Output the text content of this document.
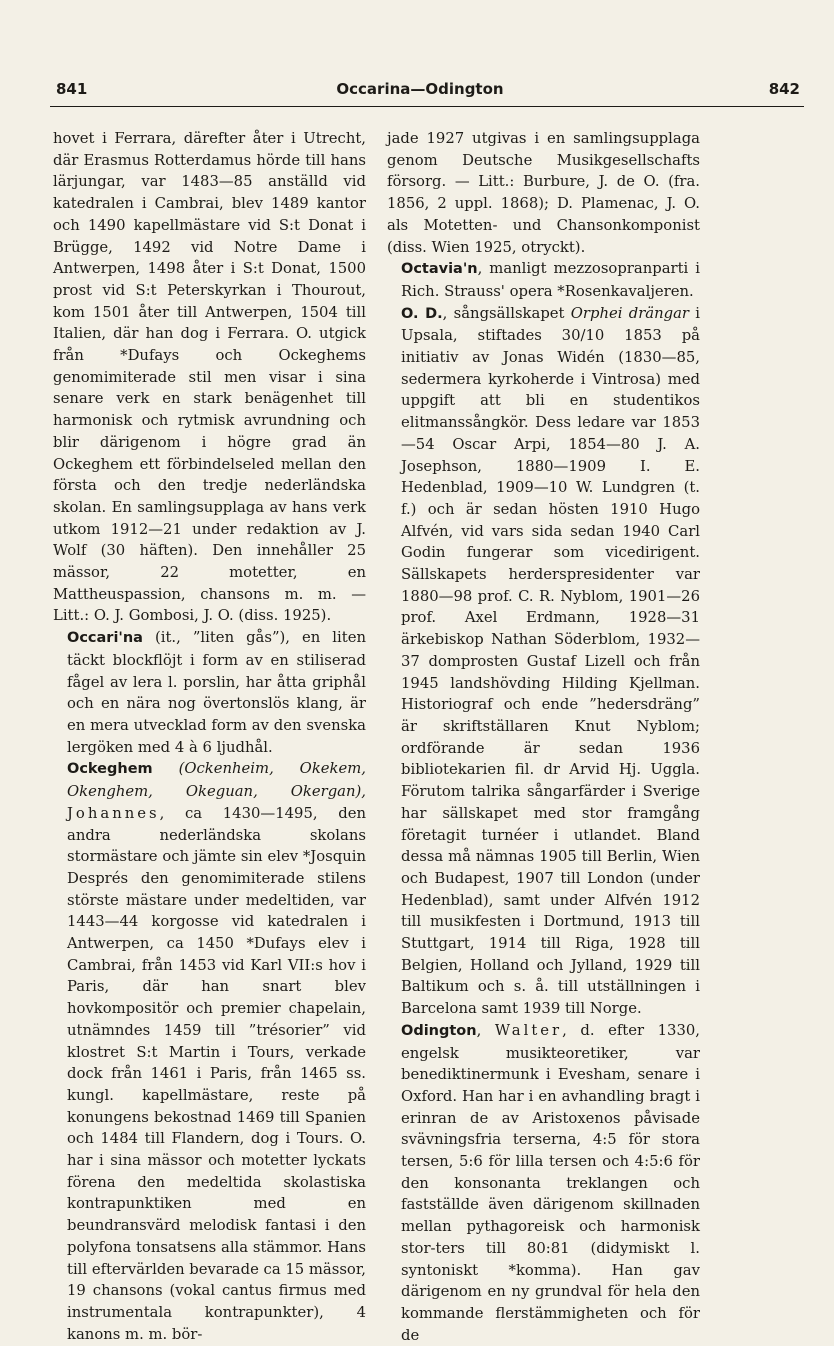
841	Occarina—Odington	842

hovet i Ferrara, därefter åter i Utrecht, där Erasmus Rotterdamus hörde till hans lärjungar, var 1483—85 anställd vid katedralen i Cambrai, blev 1489 kantor och 1490 kapellmästare vid S:t Donat i Brügge, 1492 vid Notre Dame i Antwerpen, 1498 åter i S:t Donat, 1500 prost vid S:t Peterskyrkan i Thourout, kom 1501 åter till Antwerpen, 1504 till Italien, där han dog i Ferrara. O. utgick från *Dufays och Ockeghems genomimiterade stil men visar i sina senare verk en stark benägenhet till harmonisk och rytmisk avrundning och blir därigenom i högre grad än Ockeghem ett förbindelseled mellan den första och den tredje nederländska skolan. En samlingsupplaga av hans verk utkom 1912—21 under redaktion av J. Wolf (30 häften). Den innehåller 25 mässor, 22 motetter, en Mattheuspassion, chansons m. m. — Litt.: O. J. Gombosi, J. O. (diss. 1925).

Occari'na (it., ”liten gås”), en liten täckt blockflöjt i form av en stiliserad fågel av lera l. porslin, har åtta griphål och en nära nog övertonslös klang, är en mera utvecklad form av den svenska lergöken med 4 à 6 ljudhål.

Ockeghem (Ockenheim, Okekem, Okenghem, Okeguan, Okergan), Johannes, ca 1430—1495, den andra nederländska skolans stormästare och jämte sin elev *Josquin Després den genomimiterade stilens störste mästare under medeltiden, var 1443—44 korgosse vid katedralen i Antwerpen, ca 1450 *Dufays elev i Cambrai, från 1453 vid Karl VII:s hov i Paris, där han snart blev hovkompositör och premier chapelain, utnämndes 1459 till ”trésorier” vid klostret S:t Martin i Tours, verkade dock från 1461 i Paris, från 1465 ss. kungl. kapellmästare, reste på konungens bekostnad 1469 till Spanien och 1484 till Flandern, dog i Tours. O. har i sina mässor och motetter lyckats förena den medeltida skolastiska kontrapunktiken med en beundransvärd melodisk fantasi i den polyfona tonsatsens alla stämmor. Hans till eftervärlden bevarade ca 15 mässor, 19 chansons (vokal cantus firmus med instrumentala kontrapunkter), 4 kanons m. m. bör-

jade 1927 utgivas i en samlingsupplaga genom Deutsche Musikgesellschafts försorg. — Litt.: Burbure, J. de O. (fra. 1856, 2 uppl. 1868); D. Plamenac, J. O. als Motetten- und Chansonkomponist (diss. Wien 1925, otryckt).

Octavia'n, manligt mezzosopranparti i Rich. Strauss' opera *Rosenkavaljeren.

O. D., sångsällskapet Orphei drängar i Upsala, stiftades 30/10 1853 på initiativ av Jonas Widén (1830—85, sedermera kyrkoherde i Vintrosa) med uppgift att bli en studentikos elitmanssångkör. Dess ledare var 1853—54 Oscar Arpi, 1854—80 J. A. Josephson, 1880—1909 I. E. Hedenblad, 1909—10 W. Lundgren (t. f.) och är sedan hösten 1910 Hugo Alfvén, vid vars sida sedan 1940 Carl Godin fungerar som vicedirigent. Sällskapets herderspresidenter var 1880—98 prof. C. R. Nyblom, 1901—26 prof. Axel Erdmann, 1928—31 ärkebiskop Nathan Söderblom, 1932—37 domprosten Gustaf Lizell och från 1945 landshövding Hilding Kjellman. Historiograf och ende ”hedersdräng” är skriftställaren Knut Nyblom; ordförande är sedan 1936 bibliotekarien fil. dr Arvid Hj. Uggla. Förutom talrika sångarfärder i Sverige har sällskapet med stor framgång företagit turnéer i utlandet. Bland dessa må nämnas 1905 till Berlin, Wien och Budapest, 1907 till London (under Hedenblad), samt under Alfvén 1912 till musikfesten i Dortmund, 1913 till Stuttgart, 1914 till Riga, 1928 till Belgien, Holland och Jylland, 1929 till Baltikum och s. å. till utställningen i Barcelona samt 1939 till Norge.

Odington, Walter, d. efter 1330, engelsk musikteoretiker, var benediktinermunk i Evesham, senare i Oxford. Han har i en avhandling bragt i erinran de av Aristoxenos påvisade svävningsfria terserna, 4:5 för stora tersen, 5:6 för lilla tersen och 4:5:6 för den konsonanta treklangen och fastställde även därigenom skillnaden mellan pythagoreisk och harmonisk stor-ters till 80:81 (didymiskt l. syntoniskt *komma). Han gav därigenom en ny grundval för hela den kommande flerstämmigheten och för de
